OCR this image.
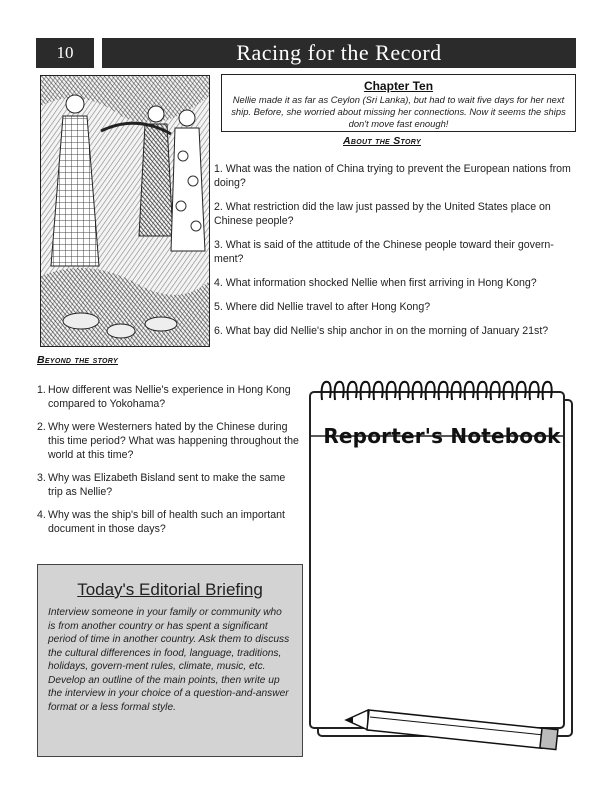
10	Racing for the Record
Chapter Ten
Nellie made it as far as Ceylon (Sri Lanka), but had to wait five days for her next ship. Before, she worried about missing her connections. Now it seems the ships don't move fast enough!
About the Story
1. What was the nation of China trying to prevent the European nations from doing?
2. What restriction did the law just passed by the United States place on Chinese people?
3. What is said of the attitude of the Chinese people toward their govern-ment?
4. What information shocked Nellie when first arriving in Hong Kong?
5. Where did Nellie travel to after Hong Kong?
6. What bay did Nellie's ship anchor in on the morning of January 21st?
Beyond the story
1. How different was Nellie's experience in Hong Kong compared to Yokohama?
2. Why were Westerners hated by the Chinese during this time period? What was happening throughout the world at this time?
3. Why was Elizabeth Bisland sent to make the same trip as Nellie?
4. Why was the ship's bill of health such an important document in those days?
Today's Editorial Briefing
Interview someone in your family or community who is from another country or has spent a significant period of time in another country. Ask them to discuss the cultural differences in food, language, traditions, holidays, govern-ment rules, climate, music, etc. Develop an outline of the main points, then write up the interview in your choice of a question-and-answer format or a less formal style.
Reporter's Notebook
